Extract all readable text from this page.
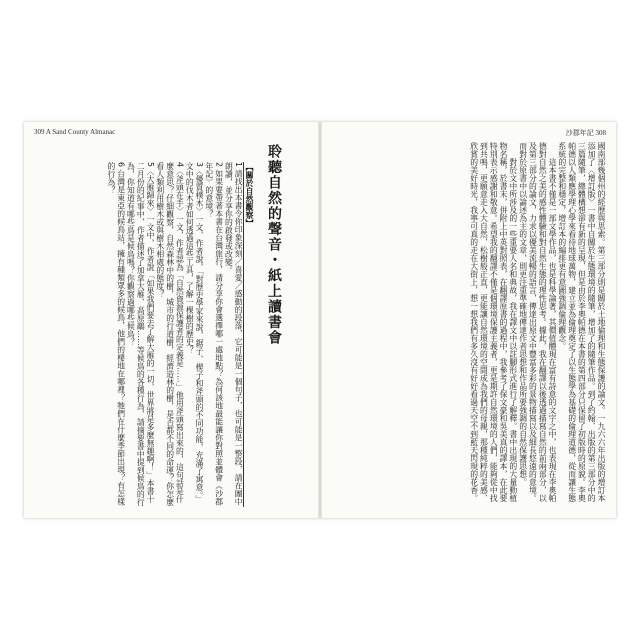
309 A Sand County Almanac
聆聽自然的聲音・紙上讀書會

【關於自然觀察】

1 請找出本書令你印象深刻／喜愛／感動的段落，它可能是一個句子，也可能是一整段，請在團中朗讀，並分享你的啟發或改變。

2 如果要帶著本書在台灣旅行，請分享你會選擇哪一處地點？為何該地最能讓你對照並體會《沙郡年記》的意境？

3〈優質樸木〉一文，作者說，「對歷史學家來說，鋸子、楔子和斧頭的不同功能，充滿了寓意。」文中的伐木者如何透過這些工具，了解一棵樹的歷史？

4〈斧頭在手〉一文，作者認為「自然資源保護者的定義是……」他用斧頭寫出來的，這句話是什麼意思？仔細觀察，自然森林中的樹，城市的行道樹，經濟造林的樹，是否都不同的命運？你怎麼看人類利用樹木或與樹木相處的態度？

5〈大雁歸來〉一文中，作者說「如果我們要去了解大雁的一切，世界將是多麼無趣啊！」本書十二月份的紀事中，作者描述了加拿大雁、高原鷸……等候鳥的各種行為，請摘要書中提到候鳥的行為，你知道有哪些鳥是候鳥嗎？你觀察過哪些候鳥？

6 台灣是東亞的候鳥站，擁有種類眾多的候鳥，他們的棲地在哪裡？牠們在什麼季節出現？有怎樣的行為？

沙郡年記 308

國南部幾個州的經歷與思索。第三部分則是關於土地倫理和生態保護的論文。一九六六年出版的增訂本添加了〈增訂版〉一書中自關於生態環境的隨筆，增加了的隨筆作品。到了約翰、出版的第三部分中的三篇隨筆，總體構想卻有新的呈現，但是由於李奧帕德在本書的第四部分只保留了初版時的原貌。李奧帕德以人類應學理心學來看待地球萬物，建立並為倫理奠定了以生態學為基礎的倫理道德，從而讓生態系統的完整和穩定，增訂本的編排更有意圖強調倫理觀念。

這本書不僅是一部文學作品，也是科學論著，其價值體現在富有詩意的文字之中，也表現在李奧帕德對自然之美的感性體驗和對自然生態的理性思考。據此，我在翻譯以後透過描寫自然的前兩部分，以及第三部分的論文，力求以優美流暢的語言，傳達出原文中豐富多彩的景物描寫以及細長悠遠的意境。而對於原書中以論述為主的文章，則更注重準確地傳達作者思想和作品所要強調的自然保護思想。

對於文中所涉及的一些重要人名和典故，我在譯文中以註腳形式進行了解釋。書中出現的大量動植物名稱，於書末，併附上中英對照表，在翻譯原書的過程中，我參考了保文豪和吳美真的譯本，在此要特別表示感謝和敬意。希望我的翻譯不僅是個環境保護主義者，更是期許自然環境的人們，能夠從中找到共鳴，更願意走入大自然，松樹般正直，更能讓自然環境的空間成為我們的母親，那種純粹的美感、欣賞的美好時光，我寧可真的走在大街上，想一想我們有多久沒有好好看過天空不到藍天閃現的花香。
